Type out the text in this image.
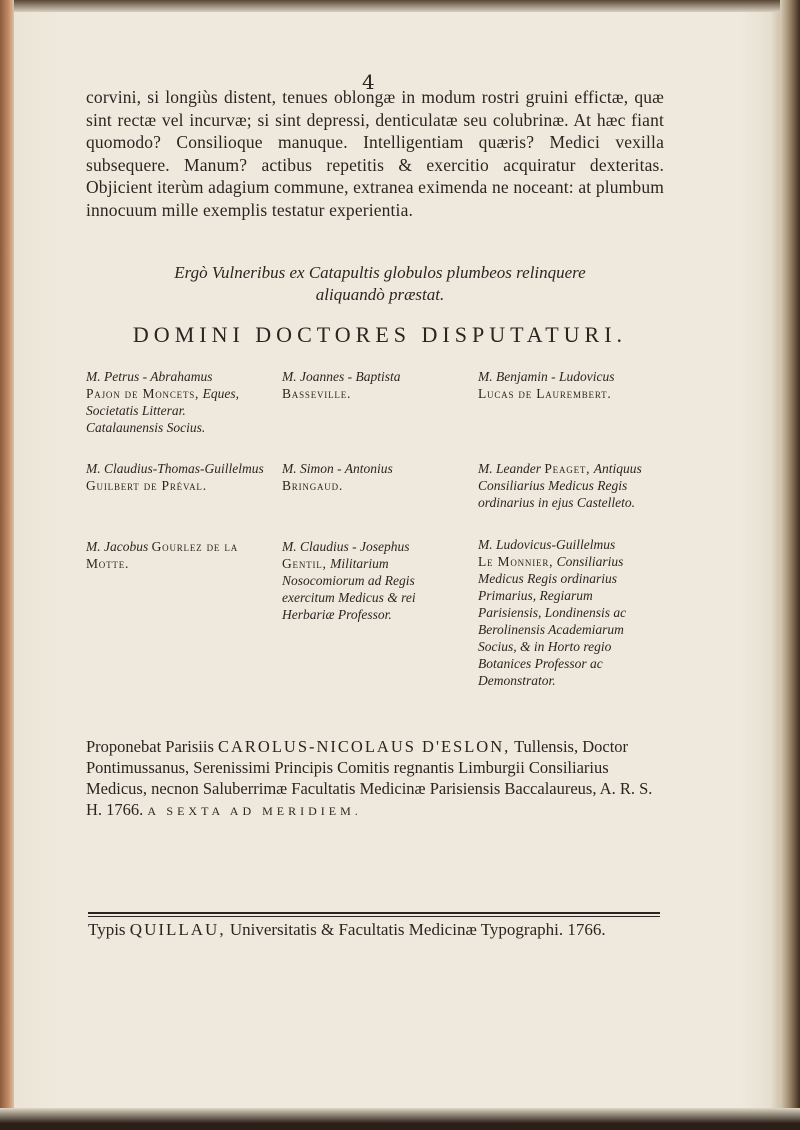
4

corvini, si longiùs distent, tenues oblongæ in modum rostri gruini effictæ, quæ sint rectæ vel incurvæ; si sint depressi, denticulatæ seu colubrinæ. At hæc fiant quomodo? Consilioque manuque. Intelligentiam quæris? Medici vexilla subsequere. Manum? actibus repetitis & exercitio acquiratur dexteritas. Objicient iterùm adagium commune, extranea eximenda ne noceant: at plumbum innocuum mille exemplis testatur experientia.

Ergò Vulneribus ex Catapultis globulos plumbeos relinquere
aliquandò præstat.

DOMINI DOCTORES DISPUTATURI.

M. Petrus - Abrahamus
Pajon de Moncets, Eques, Societatis Litterar. Catalaunensis Socius.

M. Claudius-Thomas-Guillelmus Guilbert de Préval.

M. Jacobus Gourlez de la Motte.

M. Joannes - Baptista
Basseville.

M. Simon - Antonius
Bringaud.

M. Claudius - Josephus
Gentil, Militarium Nosocomiorum ad Regis exercitum Medicus & rei Herbariæ Professor.

M. Benjamin - Ludovicus
Lucas de Laurembert.

M. Leander Peaget, Antiquus Consiliarius Medicus Regis ordinarius in ejus Castelleto.

M. Ludovicus-Guillelmus
Le Monnier, Consiliarius Medicus Regis ordinarius Primarius, Regiarum Parisiensis, Londinensis ac Berolinensis Academiarum Socius, & in Horto regio Botanices Professor ac Demonstrator.

Proponebat Parisiis CAROLUS-NICOLAUS D'ESLON, Tullensis, Doctor Pontimussanus, Serenissimi Principis Comitis regnantis Limburgii Consiliarius Medicus, necnon Saluberrimæ Facultatis Medicinæ Parisiensis Baccalaureus, A. R. S. H. 1766. A SEXTA AD MERIDIEM.

Typis QUILLAU, Universitatis & Facultatis Medicinæ Typographi. 1766.
